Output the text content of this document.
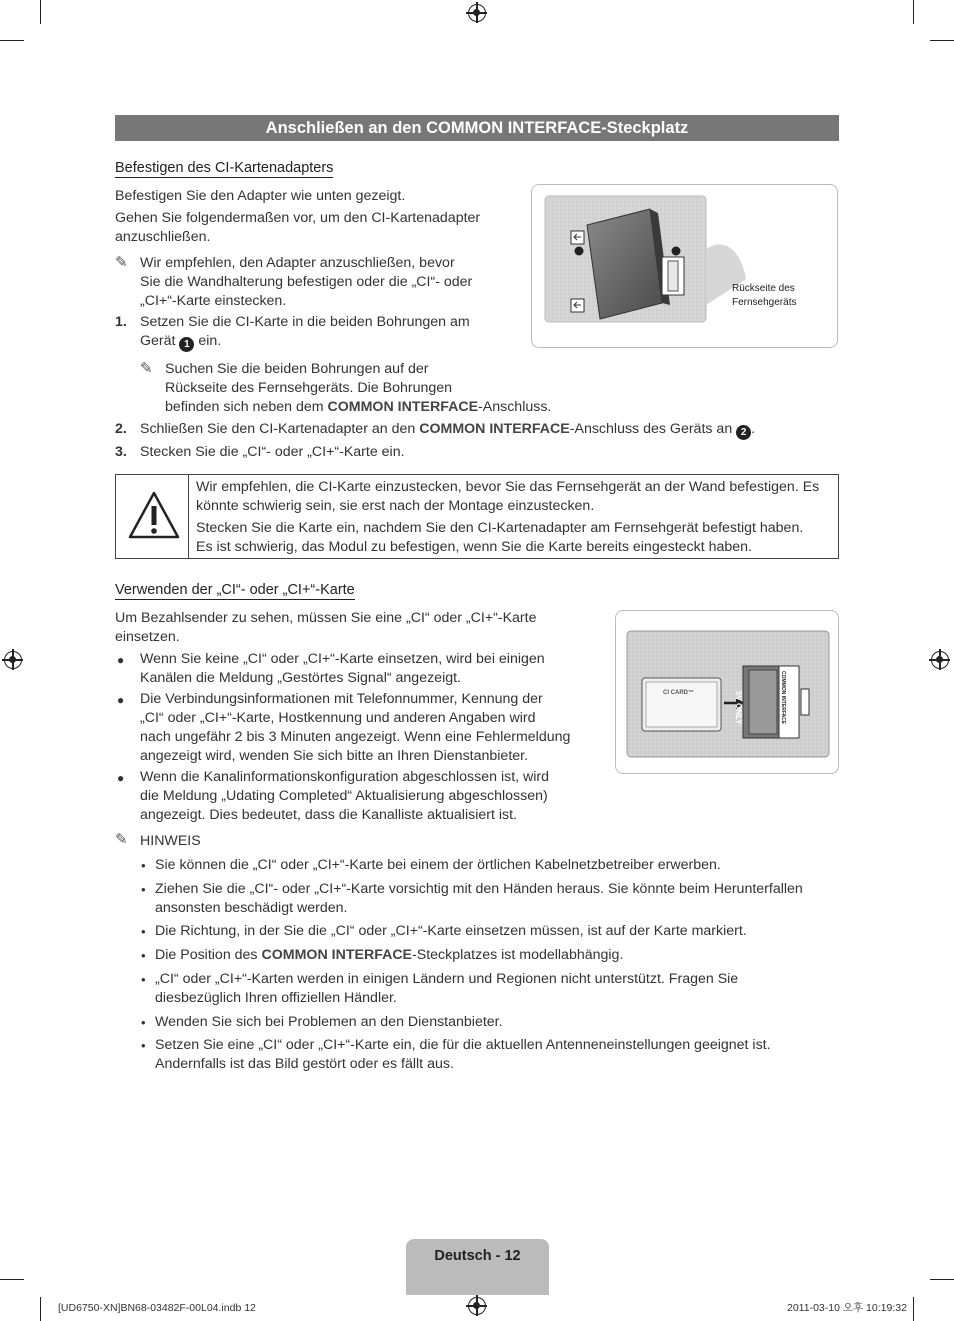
Anschließen an den COMMON INTERFACE-Steckplatz
Befestigen des CI-Kartenadapters
Befestigen Sie den Adapter wie unten gezeigt.
Gehen Sie folgendermaßen vor, um den CI-Kartenadapter
anzuschließen.
✎ Wir empfehlen, den Adapter anzuschließen, bevor
Sie die Wandhalterung befestigen oder die „CI“- oder
„CI+“-Karte einstecken.
1. Setzen Sie die CI-Karte in die beiden Bohrungen am
Gerät 1 ein.
✎ Suchen Sie die beiden Bohrungen auf der
Rückseite des Fernsehgeräts. Die Bohrungen
befinden sich neben dem COMMON INTERFACE-Anschluss.
2. Schließen Sie den CI-Kartenadapter an den COMMON INTERFACE-Anschluss des Geräts an 2 .
3. Stecken Sie die „CI“- oder „CI+“-Karte ein.
Rückseite des
Fernsehgeräts
Wir empfehlen, die CI-Karte einzustecken, bevor Sie das Fernsehgerät an der Wand befestigen. Es
könnte schwierig sein, sie erst nach der Montage einzustecken.
Stecken Sie die Karte ein, nachdem Sie den CI-Kartenadapter am Fernsehgerät befestigt haben.
Es ist schwierig, das Modul zu befestigen, wenn Sie die Karte bereits eingesteckt haben.
Verwenden der „CI“- oder „CI+“-Karte
Um Bezahlsender zu sehen, müssen Sie eine „CI“ oder „CI+“-Karte
einsetzen.
● Wenn Sie keine „CI“ oder „CI+“-Karte einsetzen, wird bei einigen
Kanälen die Meldung „Gestörtes Signal“ angezeigt.
● Die Verbindungsinformationen mit Telefonnummer, Kennung der
„CI“ oder „CI+“-Karte, Hostkennung und anderen Angaben wird
nach ungefähr 2 bis 3 Minuten angezeigt. Wenn eine Fehlermeldung
angezeigt wird, wenden Sie sich bitte an Ihren Dienstanbieter.
● Wenn die Kanalinformationskonfiguration abgeschlossen ist, wird
die Meldung „Udating Completed“ Aktualisierung abgeschlossen)
angezeigt. Dies bedeutet, dass die Kanalliste aktualisiert ist.
CI CARD™	5V ONLY	COMMON INTERFACE
✎ HINWEIS
• Sie können die „CI“ oder „CI+“-Karte bei einem der örtlichen Kabelnetzbetreiber erwerben.
• Ziehen Sie die „CI“- oder „CI+“-Karte vorsichtig mit den Händen heraus. Sie könnte beim Herunterfallen
ansonsten beschädigt werden.
• Die Richtung, in der Sie die „CI“ oder „CI+“-Karte einsetzen müssen, ist auf der Karte markiert.
• Die Position des COMMON INTERFACE-Steckplatzes ist modellabhängig.
• „CI“ oder „CI+“-Karten werden in einigen Ländern und Regionen nicht unterstützt. Fragen Sie
diesbezüglich Ihren offiziellen Händler.
• Wenden Sie sich bei Problemen an den Dienstanbieter.
• Setzen Sie eine „CI“ oder „CI+“-Karte ein, die für die aktuellen Antenneneinstellungen geeignet ist.
Andernfalls ist das Bild gestört oder es fällt aus.
Deutsch - 12
[UD6750-XN]BN68-03482F-00L04.indb 12	2011-03-10 오후 10:19:32
